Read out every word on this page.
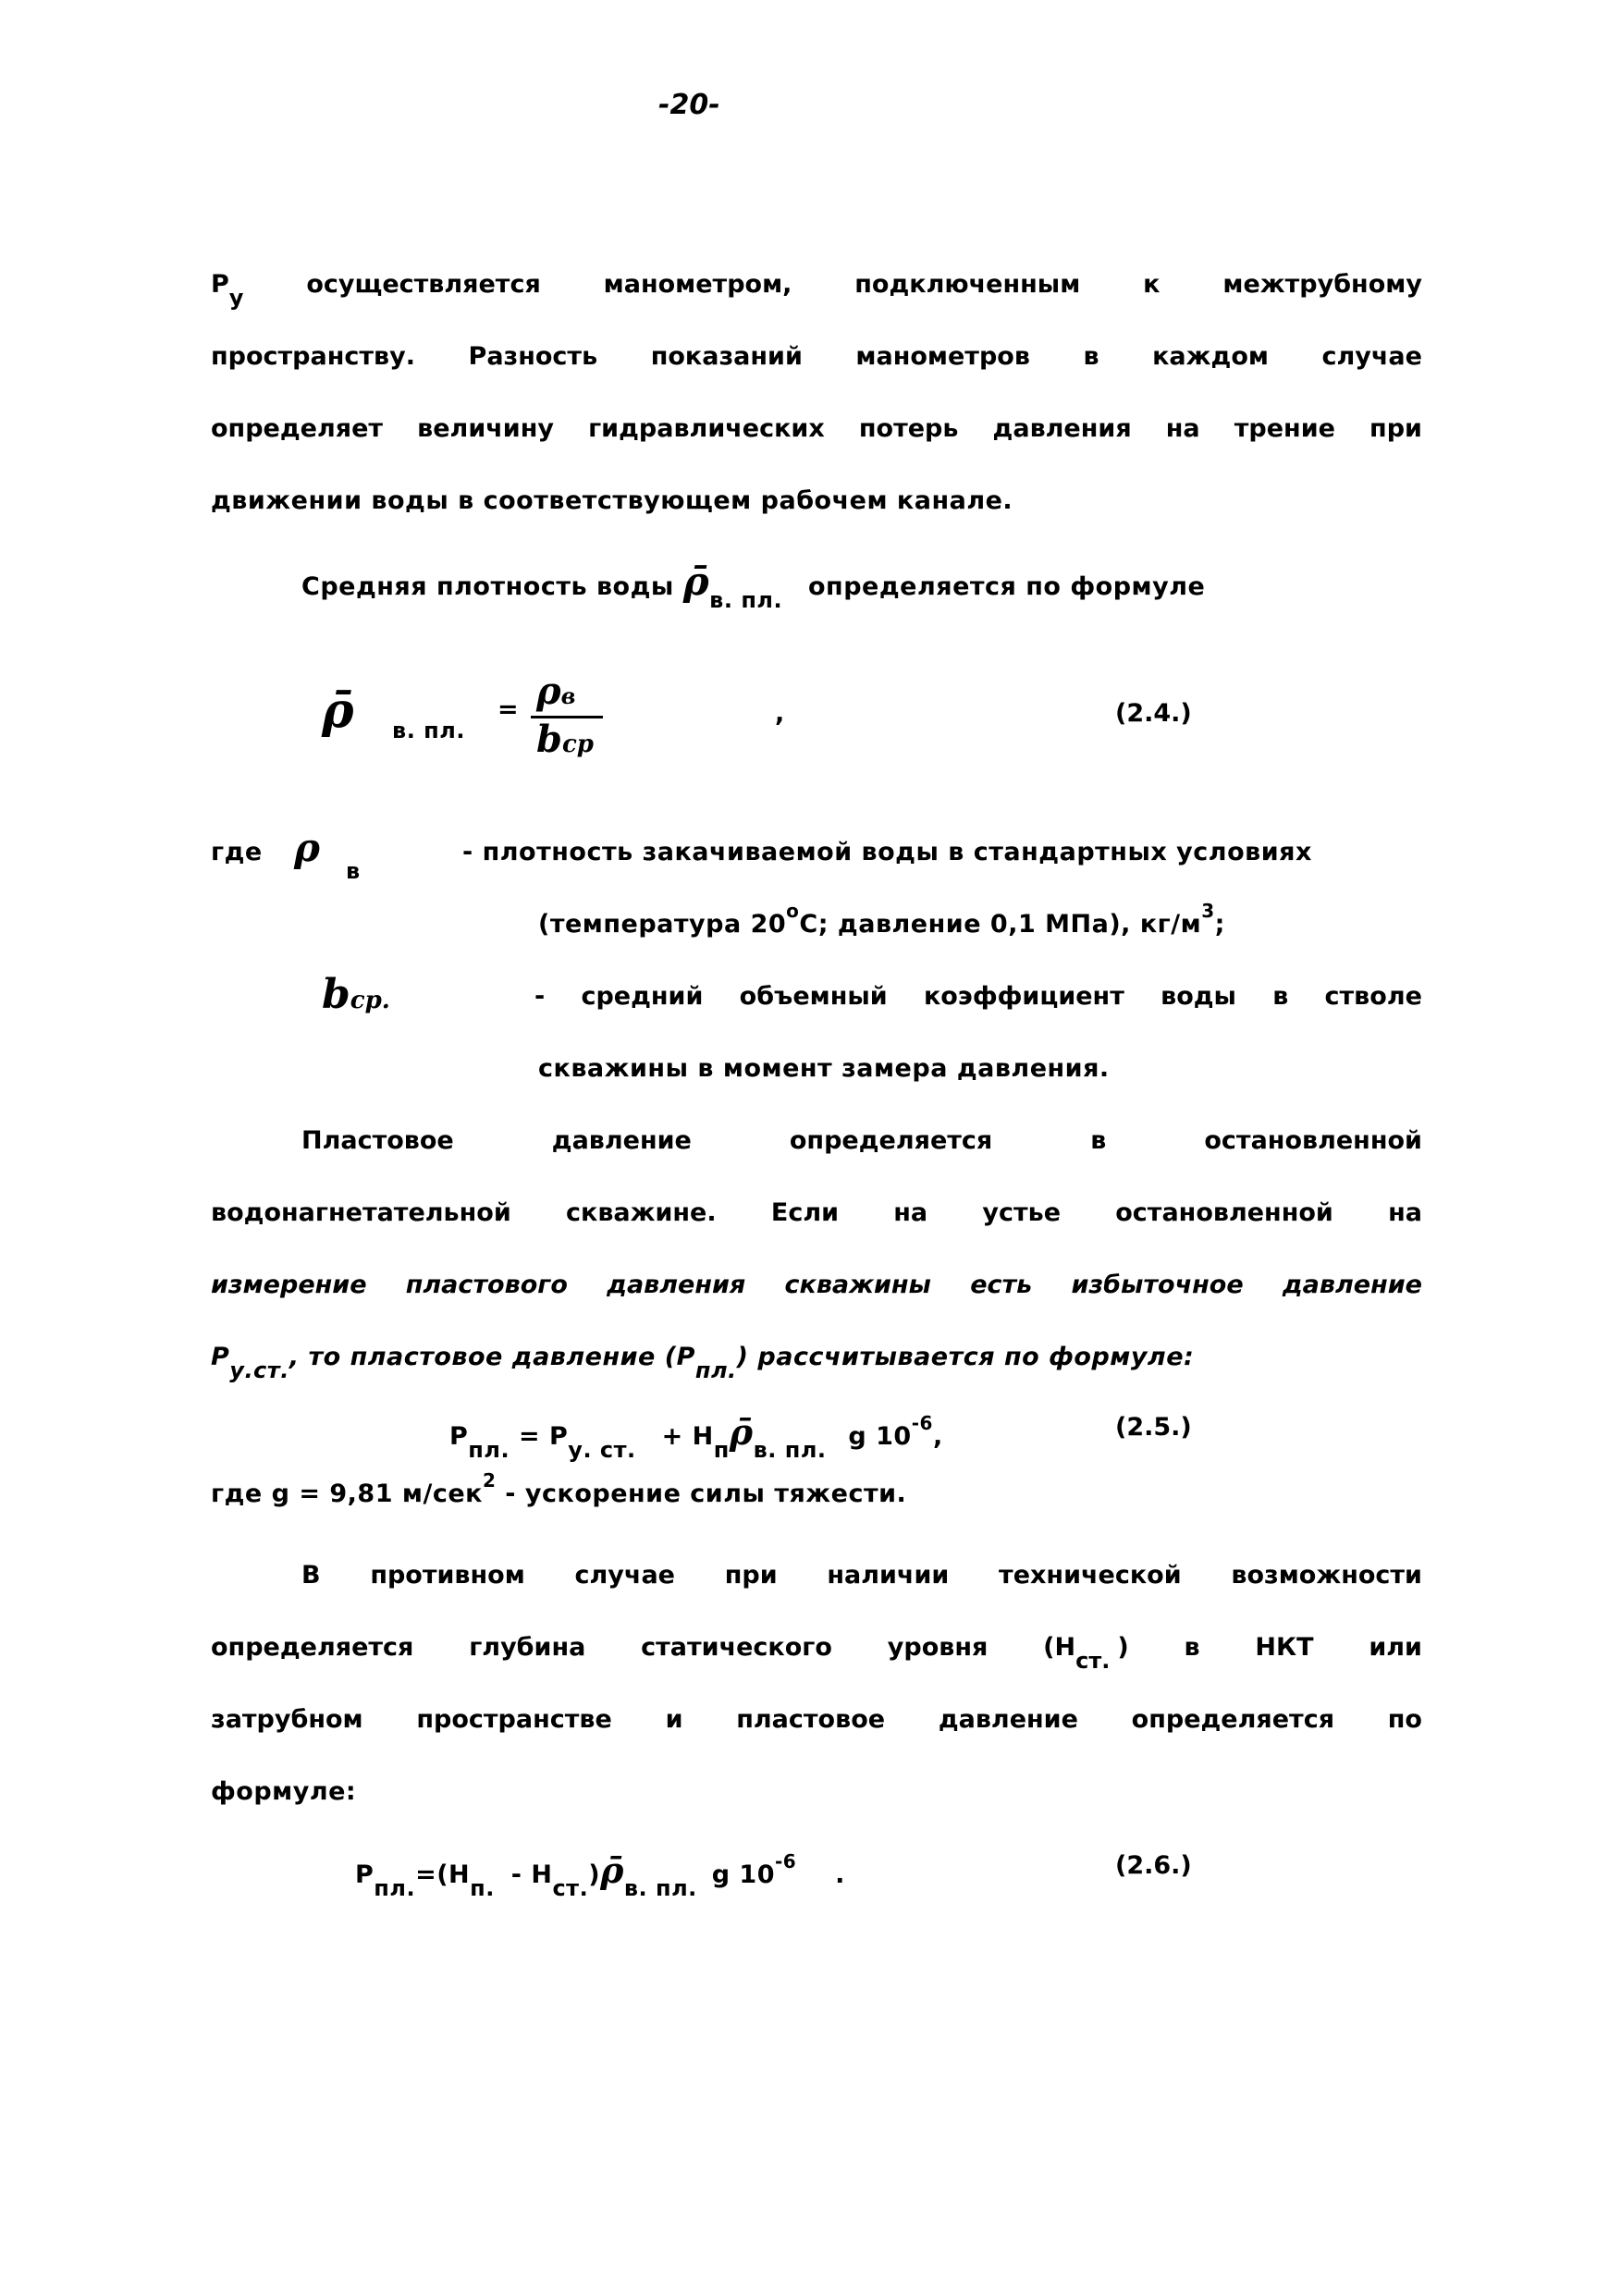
-20-
Pу	осуществляется	манометром,	подключенным	к	межтрубному
пространству. Разность показаний манометров в каждом случае
определяет величину гидравлических потерь давления на трение при
движении воды в соответствующем рабочем канале.
Средняя плотность воды ρ̄в. пл. определяется по формуле
ρ̄ в. пл.
= ρв
bср
,	(2.4.)
где ρ
в
- плотность закачиваемой воды в стандартных условиях
(температура $20^оС$; давление 0,1 МПа), $кг/м^3$;
bср.	- средний объемный коэффициент воды в стволе
скважины в момент замера давления.
Пластовое	давление	определяется	в	остановленной
водонагнетательной скважине. Если на устье остановленной на
измерение пластового давления скважины есть избыточное давление
Pу.ст., то пластовое давление (Pпл.) рассчитывается по формуле:
Pпл. = Pу. ст. + Hпρ̄в. пл. g $10^{-6}$,	(2.5.)
где g = 9,81 м/сек$^2$ - ускорение силы тяжести.
В противном случае при наличии технической возможности
определяется глубина статического уровня (Hст. ) в НКТ или
затрубном пространстве и пластовое давление определяется по
формуле:
Pпл.=(Hп. - Hст.)ρ̄в. пл. g $10^{-6}$ .	(2.6.)
